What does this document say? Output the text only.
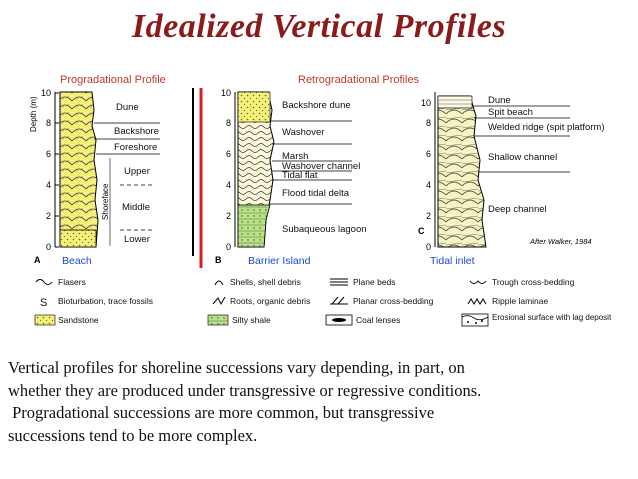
Idealized Vertical Profiles
Progradational Profile	Retrogradational Profiles
Depth (m)
0
2
4
6
8
10
Dune
Backshore
Foreshore
Upper
Middle
Lower
Shoreface
A Beach
0
2
4
6
8
10
Backshore dune
Washover
Marsh
Washover channel
Tidal flat
Flood tidal delta
Subaqueous lagoon
B	Barrier Island
0
2
4
6
8
10	Dune
Spit beach
Welded ridge (spit platform)
Shallow channel
Deep channel
C
After Walker, 1984
Tidal inlet
Flasers
S Bioturbation, trace fossils
Sandstone
Shells, shell debris
Roots, organic debris
Silty shale
Plane beds
Planar cross-bedding
Coal lenses
Trough cross-bedding
Ripple laminae
Erosional surface with lag deposit

Vertical profiles for shoreline successions vary depending, in part, on

whether they are produced under transgressive or regressive conditions.

Progradational successions are more common, but transgressive

successions tend to be more complex.
